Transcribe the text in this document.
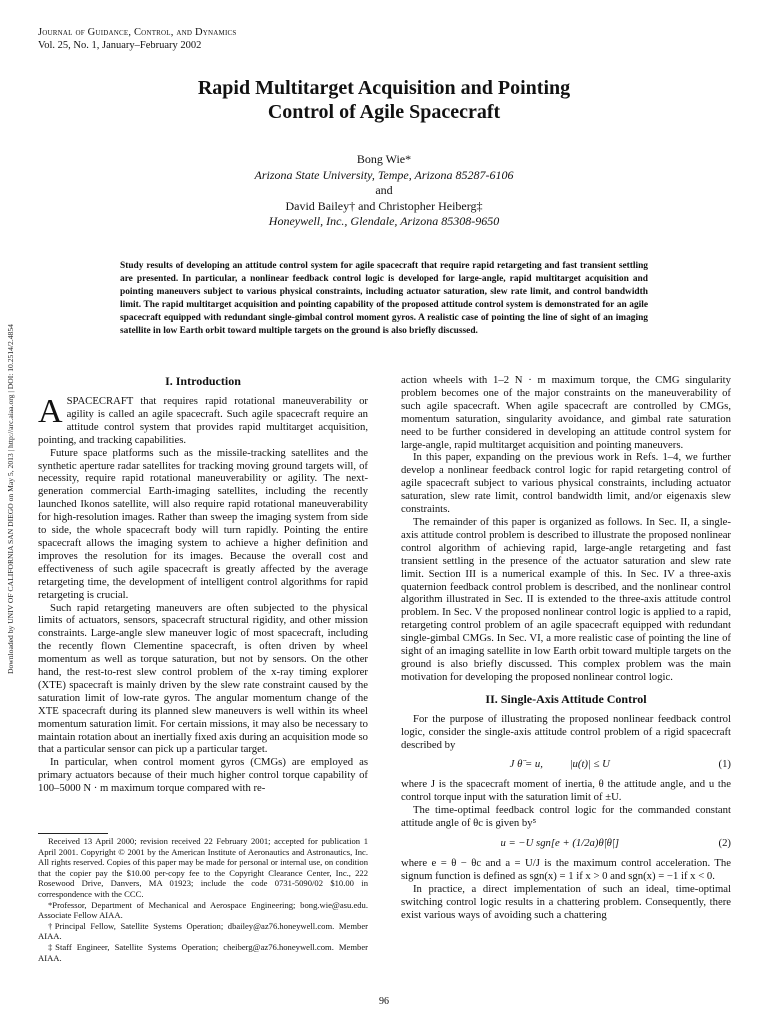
Journal of Guidance, Control, and Dynamics
Vol. 25, No. 1, January–February 2002
Downloaded by UNIV OF CALIFORNIA SAN DIEGO on May 5, 2013 | http://arc.aiaa.org | DOI: 10.2514/2.4854
Rapid Multitarget Acquisition and Pointing
Control of Agile Spacecraft
Bong Wie*
Arizona State University, Tempe, Arizona 85287-6106
and
David Bailey† and Christopher Heiberg‡
Honeywell, Inc., Glendale, Arizona 85308-9650
Study results of developing an attitude control system for agile spacecraft that require rapid retargeting and fast transient settling are presented. In particular, a nonlinear feedback control logic is developed for large-angle, rapid multitarget acquisition and pointing maneuvers subject to various physical constraints, including actuator saturation, slew rate limit, and control bandwidth limit. The rapid multitarget acquisition and pointing capability of the proposed attitude control system is demonstrated for an agile spacecraft equipped with redundant single-gimbal control moment gyros. A realistic case of pointing the line of sight of an imaging satellite in low Earth orbit toward multiple targets on the ground is also briefly discussed.
I. Introduction

ASPACECRAFT that requires rapid rotational maneuverability or agility is called an agile spacecraft. Such agile spacecraft require an attitude control system that provides rapid multitarget acquisition, pointing, and tracking capabilities.

Future space platforms such as the missile-tracking satellites and the synthetic aperture radar satellites for tracking moving ground targets will, of necessity, require rapid rotational maneuverability or agility. The next-generation commercial Earth-imaging satellites, including the recently launched Ikonos satellite, will also require rapid rotational maneuverability for high-resolution images. Rather than sweep the imaging system from side to side, the whole spacecraft body will turn rapidly. Pointing the entire spacecraft allows the imaging system to achieve a higher definition and improves the resolution for its images. Because the overall cost and effectiveness of such agile spacecraft is greatly affected by the average retargeting time, the development of intelligent control algorithms for rapid retargeting is crucial.

Such rapid retargeting maneuvers are often subjected to the physical limits of actuators, sensors, spacecraft structural rigidity, and other mission constraints. Large-angle slew maneuver logic of most spacecraft, including the recently flown Clementine spacecraft, is often driven by wheel momentum as well as torque saturation, but not by sensors. On the other hand, the rest-to-rest slew control problem of the x-ray timing explorer (XTE) spacecraft is mainly driven by the slew rate constraint caused by the saturation limit of low-rate gyros. The angular momentum change of the XTE spacecraft during its planned slew maneuvers is well within its wheel momentum saturation limit. For certain missions, it may also be necessary to maintain rotation about an inertially fixed axis during an acquisition mode so that a particular sensor can pick up a particular target.

In particular, when control moment gyros (CMGs) are employed as primary actuators because of their much higher control torque capability of 100–5000 N · m maximum torque compared with re-

Received 13 April 2000; revision received 22 February 2001; accepted for publication 1 April 2001. Copyright © 2001 by the American Institute of Aeronautics and Astronautics, Inc. All rights reserved. Copies of this paper may be made for personal or internal use, on condition that the copier pay the $10.00 per-copy fee to the Copyright Clearance Center, Inc., 222 Rosewood Drive, Danvers, MA 01923; include the code 0731-5090/02 $10.00 in correspondence with the CCC.

*Professor, Department of Mechanical and Aerospace Engineering; bong.wie@asu.edu. Associate Fellow AIAA.

†Principal Fellow, Satellite Systems Operation; dbailey@az76.honeywell.com. Member AIAA.

‡Staff Engineer, Satellite Systems Operation; cheiberg@az76.honeywell.com. Member AIAA.

action wheels with 1–2 N · m maximum torque, the CMG singularity problem becomes one of the major constraints on the maneuverability of such agile spacecraft. When agile spacecraft are controlled by CMGs, momentum saturation, singularity avoidance, and gimbal rate saturation need to be further considered in developing an attitude control system for large-angle, rapid multitarget acquisition and pointing maneuvers.

In this paper, expanding on the previous work in Refs. 1–4, we further develop a nonlinear feedback control logic for rapid retargeting control of agile spacecraft subject to various physical constraints, including actuator saturation, slew rate limit, control bandwidth limit, and/or eigenaxis slew constraints.

The remainder of this paper is organized as follows. In Sec. II, a single-axis attitude control problem is described to illustrate the proposed nonlinear control algorithm of achieving rapid, large-angle retargeting and fast transient settling in the presence of the actuator saturation and slew rate limit. Section III is a numerical example of this. In Sec. IV a three-axis quaternion feedback control problem is described, and the nonlinear control algorithm illustrated in Sec. II is extended to the three-axis attitude control problem. In Sec. V the proposed nonlinear control logic is applied to a rapid, retargeting control problem of an agile spacecraft equipped with redundant single-gimbal CMGs. In Sec. VI, a more realistic case of pointing the line of sight of an imaging satellite in low Earth orbit toward multiple targets on the ground is also briefly discussed. This complex problem was the main motivation for developing the proposed nonlinear control logic.

II. Single-Axis Attitude Control

For the purpose of illustrating the proposed nonlinear feedback control logic, consider the single-axis attitude control problem of a rigid spacecraft described by

J θ̈ = u,          |u(t)| ≤ U	(1)

where J is the spacecraft moment of inertia, θ the attitude angle, and u the control torque input with the saturation limit of ±U.

The time-optimal feedback control logic for the commanded constant attitude angle of θc is given by⁵

u = −U sgn[e + (1/2a)θ̇|θ̇|]	(2)

where e = θ − θc and a = U/J is the maximum control acceleration. The signum function is defined as sgn(x) = 1 if x > 0 and sgn(x) = −1 if x < 0.

In practice, a direct implementation of such an ideal, time-optimal switching control logic results in a chattering problem. Consequently, there exist various ways of avoiding such a chattering

96
